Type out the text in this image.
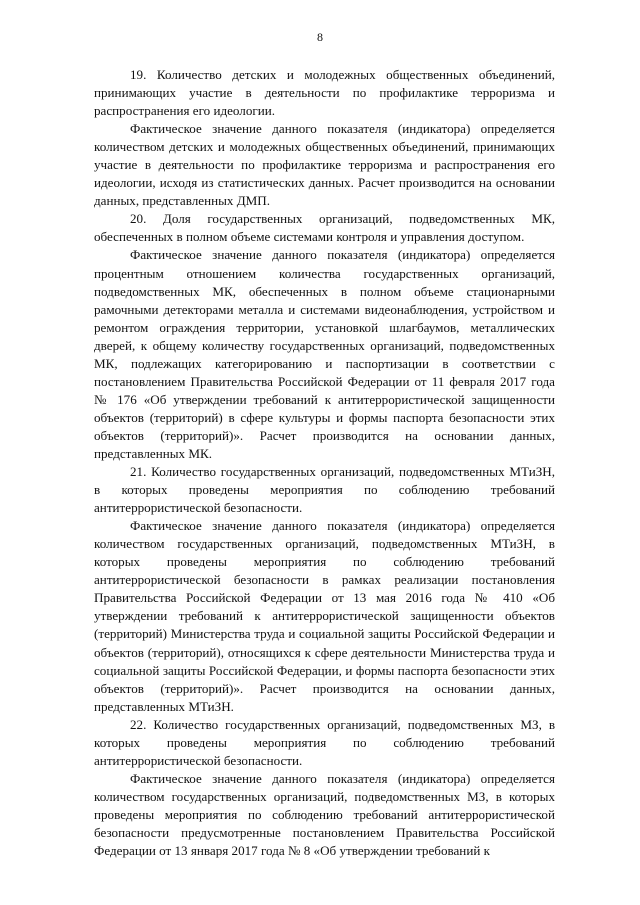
8

19. Количество детских и молодежных общественных объединений, принимающих участие в деятельности по профилактике терроризма и распространения его идеологии.

Фактическое значение данного показателя (индикатора) определяется количеством детских и молодежных общественных объединений, принимающих участие в деятельности по профилактике терроризма и распространения его идеологии, исходя из статистических данных. Расчет производится на основании данных, представленных ДМП.

20. Доля государственных организаций, подведомственных МК, обеспеченных в полном объеме системами контроля и управления доступом.

Фактическое значение данного показателя (индикатора) определяется процентным отношением количества государственных организаций, подведомственных МК, обеспеченных в полном объеме стационарными рамочными детекторами металла и системами видеонаблюдения, устройством и ремонтом ограждения территории, установкой шлагбаумов, металлических дверей, к общему количеству государственных организаций, подведомственных МК, подлежащих категорированию и паспортизации в соответствии с постановлением Правительства Российской Федерации от 11 февраля 2017 года № 176 «Об утверждении требований к антитеррористической защищенности объектов (территорий) в сфере культуры и формы паспорта безопасности этих объектов (территорий)». Расчет производится на основании данных, представленных МК.

21. Количество государственных организаций, подведомственных МТиЗН, в которых проведены мероприятия по соблюдению требований антитеррористической безопасности.

Фактическое значение данного показателя (индикатора) определяется количеством государственных организаций, подведомственных МТиЗН, в которых проведены мероприятия по соблюдению требований антитеррористической безопасности в рамках реализации постановления Правительства Российской Федерации от 13 мая 2016 года № 410 «Об утверждении требований к антитеррористической защищенности объектов (территорий) Министерства труда и социальной защиты Российской Федерации и объектов (территорий), относящихся к сфере деятельности Министерства труда и социальной защиты Российской Федерации, и формы паспорта безопасности этих объектов (территорий)». Расчет производится на основании данных, представленных МТиЗН.

22. Количество государственных организаций, подведомственных МЗ, в которых проведены мероприятия по соблюдению требований антитеррористической безопасности.

Фактическое значение данного показателя (индикатора) определяется количеством государственных организаций, подведомственных МЗ, в которых проведены мероприятия по соблюдению требований антитеррористической безопасности предусмотренные постановлением Правительства Российской Федерации от 13 января 2017 года № 8 «Об утверждении требований к
